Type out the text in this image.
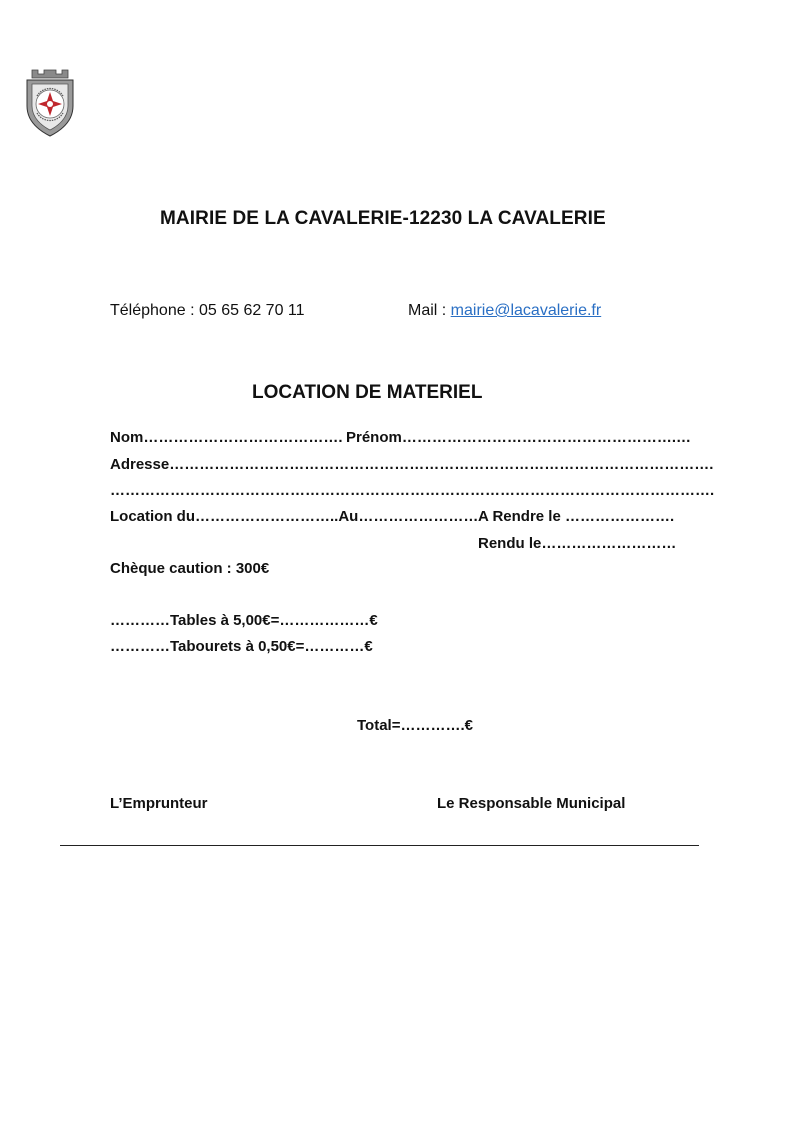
MAIRIE DE LA CAVALERIE-12230 LA CAVALERIE
Téléphone : 05 65 62 70 11	Mail : mairie@lacavalerie.fr
LOCATION DE MATERIEL
Nom…………………………………. Prénom……………………………………………….…
Adresse……………………………………………………………………………………………….
………………………………………………………………………………………………………….
Location du………………………..Au…………………… A Rendre le ………………….
Rendu le………………………
Chèque caution : 300€
…………Tables à 5,00€=………………€
…………Tabourets à 0,50€=…………€
Total=………….€
L’Emprunteur	Le Responsable Municipal
